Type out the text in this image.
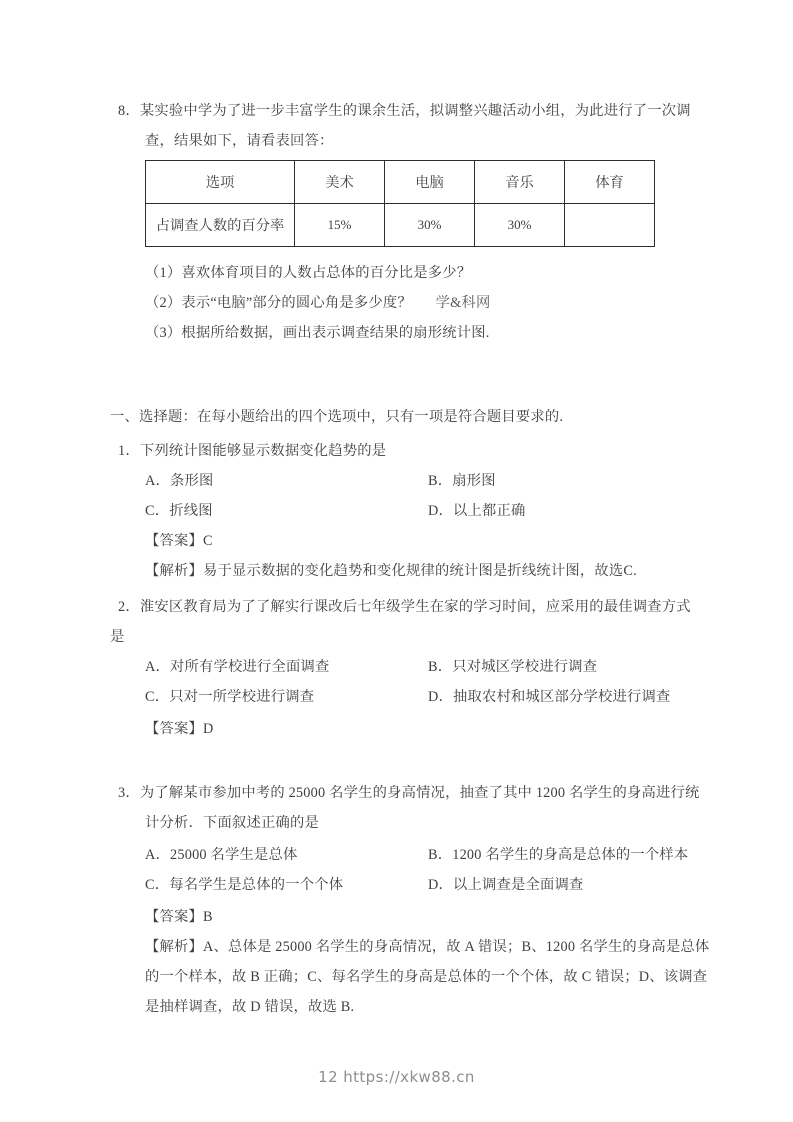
8．某实验中学为了进一步丰富学生的课余生活，拟调整兴趣活动小组，为此进行了一次调
查，结果如下，请看表回答：
选项	美术	电脑	音乐	体育
占调查人数的百分率	15%	30%	30%	
（1）喜欢体育项目的人数占总体的百分比是多少？
（2）表示“电脑”部分的圆心角是多少度？ 学&科网
（3）根据所给数据，画出表示调查结果的扇形统计图.
一、选择题：在每小题给出的四个选项中，只有一项是符合题目要求的.
1．下列统计图能够显示数据变化趋势的是
A．条形图	B．扇形图
C．折线图	D．以上都正确
【答案】C
【解析】易于显示数据的变化趋势和变化规律的统计图是折线统计图，故选C.
2．淮安区教育局为了了解实行课改后七年级学生在家的学习时间，应采用的最佳调查方式
是
A．对所有学校进行全面调查	B．只对城区学校进行调查
C．只对一所学校进行调查	D．抽取农村和城区部分学校进行调查
【答案】D
3．为了解某市参加中考的 25000 名学生的身高情况，抽查了其中 1200 名学生的身高进行统
计分析．下面叙述正确的是
A．25000 名学生是总体	B．1200 名学生的身高是总体的一个样本
C．每名学生是总体的一个个体	D．以上调查是全面调查
【答案】B
【解析】A、总体是 25000 名学生的身高情况，故 A 错误；B、1200 名学生的身高是总体
的一个样本，故 B 正确；C、每名学生的身高是总体的一个个体，故 C 错误；D、该调查
是抽样调查，故 D 错误，故选 B.
12 https://xkw88.cn
